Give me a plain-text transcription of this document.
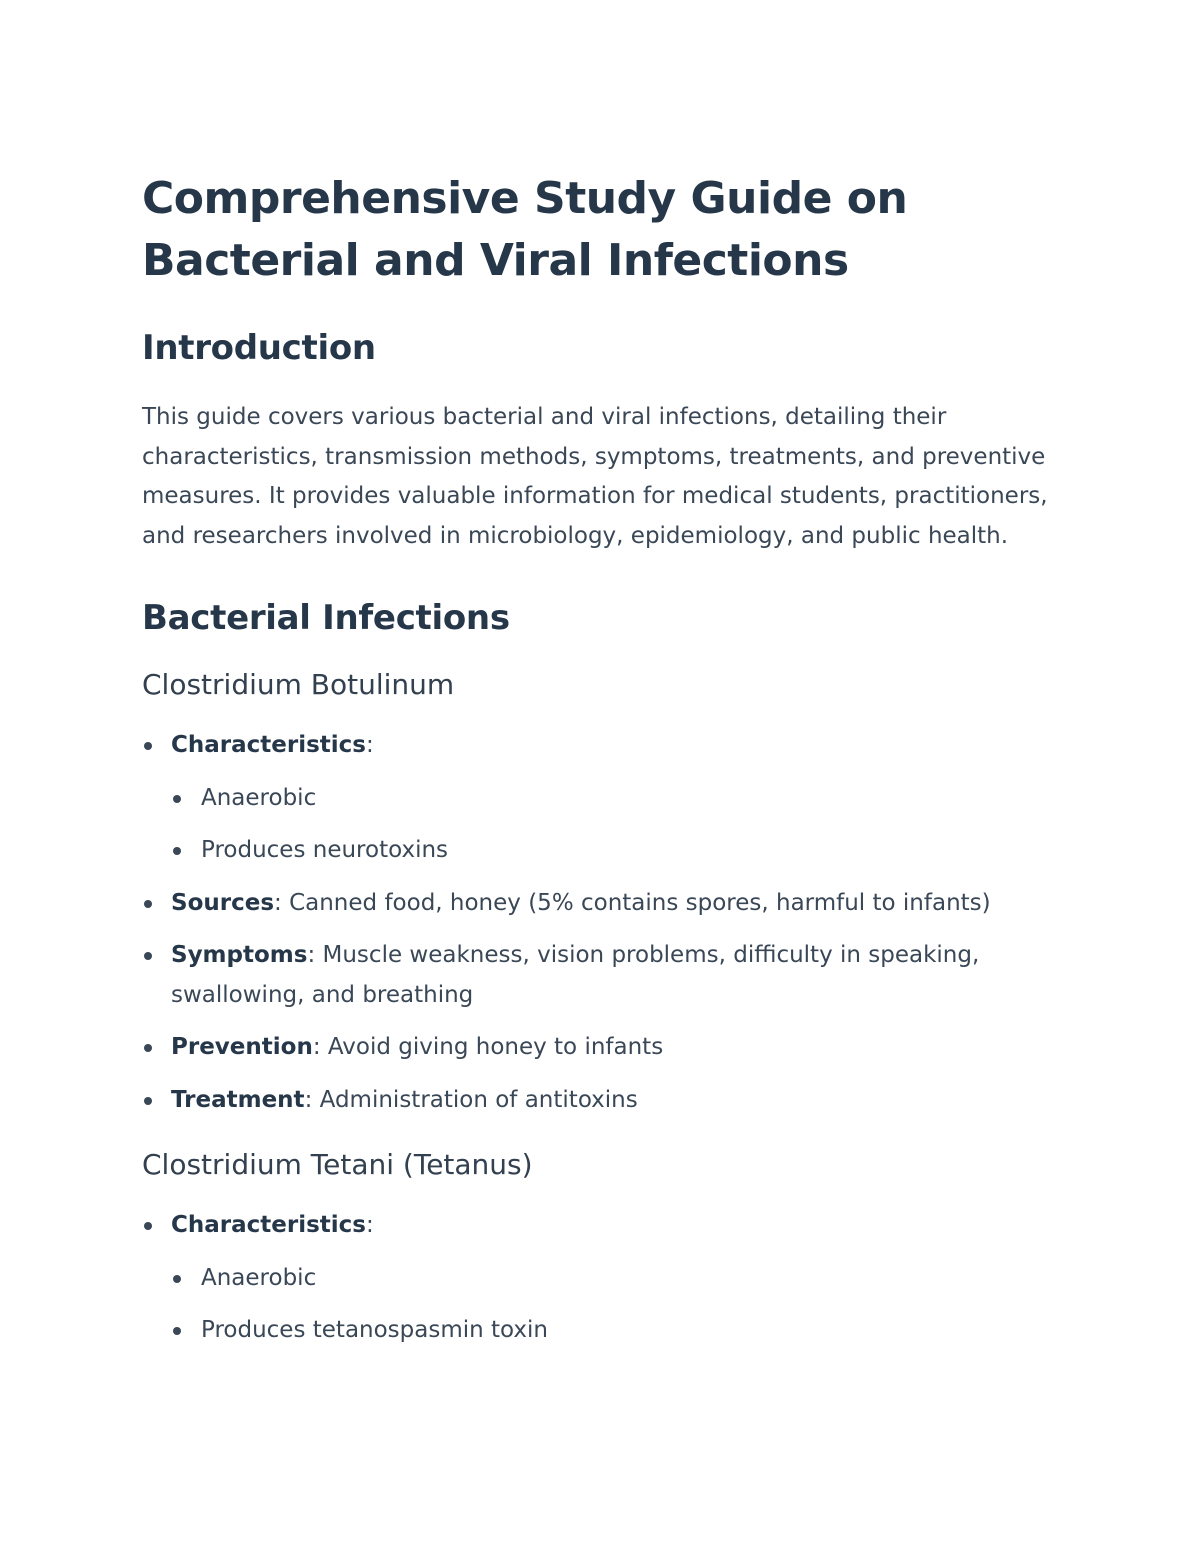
Comprehensive Study Guide on Bacterial and Viral Infections
Introduction

This guide covers various bacterial and viral infections, detailing their characteristics, transmission methods, symptoms, treatments, and preventive measures. It provides valuable information for medical students, practitioners, and researchers involved in microbiology, epidemiology, and public health.

Bacterial Infections
Clostridium Botulinum
Characteristics:
Anaerobic
Produces neurotoxins
Sources: Canned food, honey (5% contains spores, harmful to infants)
Symptoms: Muscle weakness, vision problems, difficulty in speaking, swallowing, and breathing
Prevention: Avoid giving honey to infants
Treatment: Administration of antitoxins
Clostridium Tetani (Tetanus)
Characteristics:
Anaerobic
Produces tetanospasmin toxin
